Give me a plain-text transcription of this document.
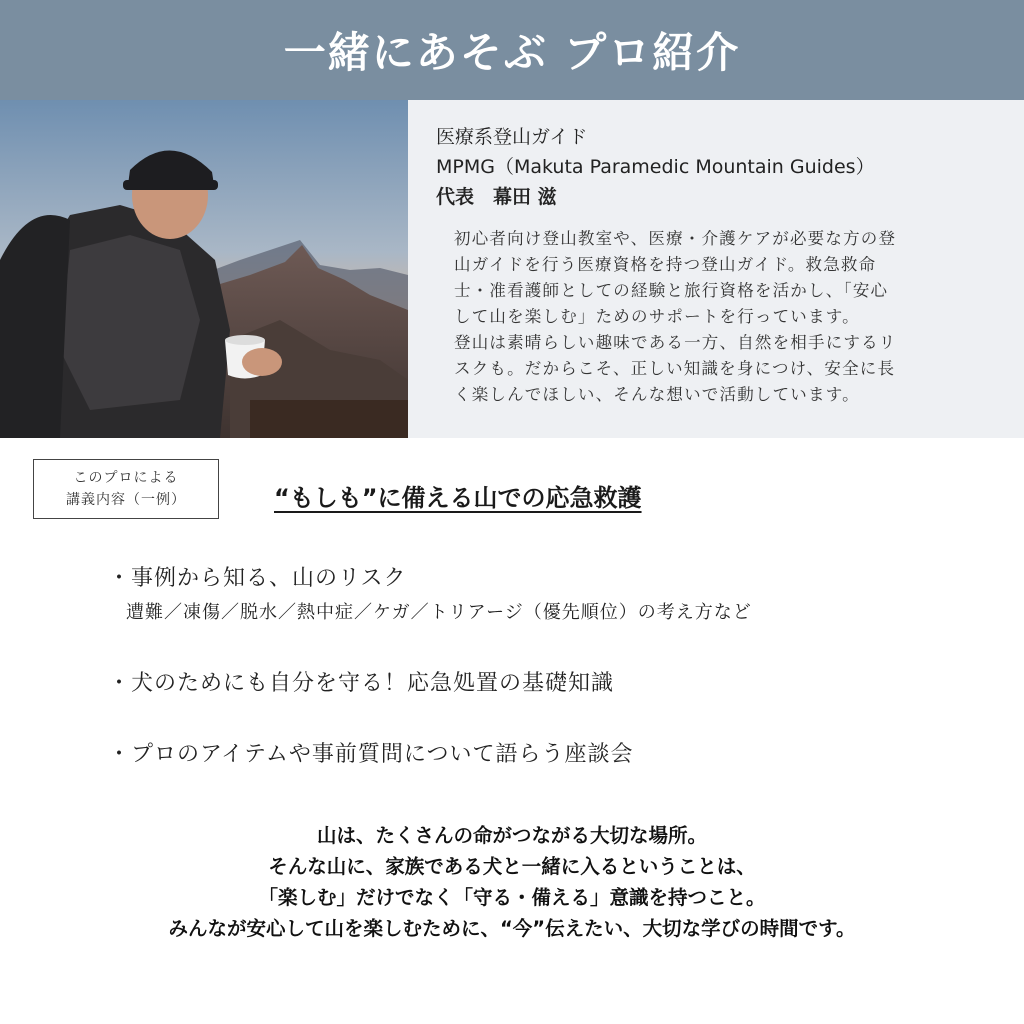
一緒にあそぶ プロ紹介
医療系登山ガイド
MPMG（Makuta Paramedic Mountain Guides）
代表　幕田 滋
初心者向け登山教室や、医療・介護ケアが必要な方の登
山ガイドを行う医療資格を持つ登山ガイド。救急救命
士・准看護師としての経験と旅行資格を活かし、「安心
して山を楽しむ」ためのサポートを行っています。
登山は素晴らしい趣味である一方、自然を相手にするリ
スクも。だからこそ、正しい知識を身につけ、安全に長
く楽しんでほしい、そんな想いで活動しています。
このプロによる
講義内容（一例）	“もしも”に備える山での応急救護
・事例から知る、山のリスク
遭難／凍傷／脱水／熱中症／ケガ／トリアージ（優先順位）の考え方など
・犬のためにも自分を守る！応急処置の基礎知識
・プロのアイテムや事前質問について語らう座談会
山は、たくさんの命がつながる大切な場所。
そんな山に、家族である犬と一緒に入るということは、
「楽しむ」だけでなく「守る・備える」意識を持つこと。
みんなが安心して山を楽しむために、“今”伝えたい、大切な学びの時間です。
